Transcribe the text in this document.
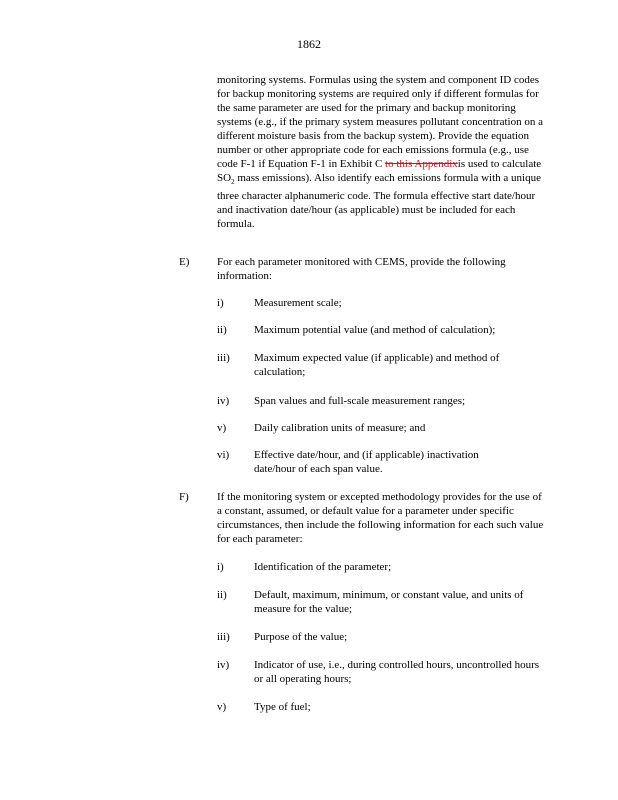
1862
monitoring systems. Formulas using the system and component ID codes for backup monitoring systems are required only if different formulas for the same parameter are used for the primary and backup monitoring systems (e.g., if the primary system measures pollutant concentration on a different moisture basis from the backup system). Provide the equation number or other appropriate code for each emissions formula (e.g., use code F-1 if Equation F-1 in Exhibit C to this Appendixis used to calculate $SO_2$ mass emissions). Also identify each emissions formula with a unique three character alphanumeric code. The formula effective start date/hour and inactivation date/hour (as applicable) must be included for each formula.
E)	For each parameter monitored with CEMS, provide the following information:
i)	Measurement scale;
ii) Maximum potential value (and method of calculation);
iii) Maximum expected value (if applicable) and method of calculation;
iv) Span values and full-scale measurement ranges;
v)	Daily calibration units of measure; and
vi) Effective date/hour, and (if applicable) inactivation date/hour of each span value.
F)	If the monitoring system or excepted methodology provides for the use of a constant, assumed, or default value for a parameter under specific circumstances, then include the following information for each such value for each parameter:
i)	Identification of the parameter;
ii) Default, maximum, minimum, or constant value, and units of measure for the value;
iii) Purpose of the value;
iv) Indicator of use, i.e., during controlled hours, uncontrolled hours or all operating hours;
v)	Type of fuel;
